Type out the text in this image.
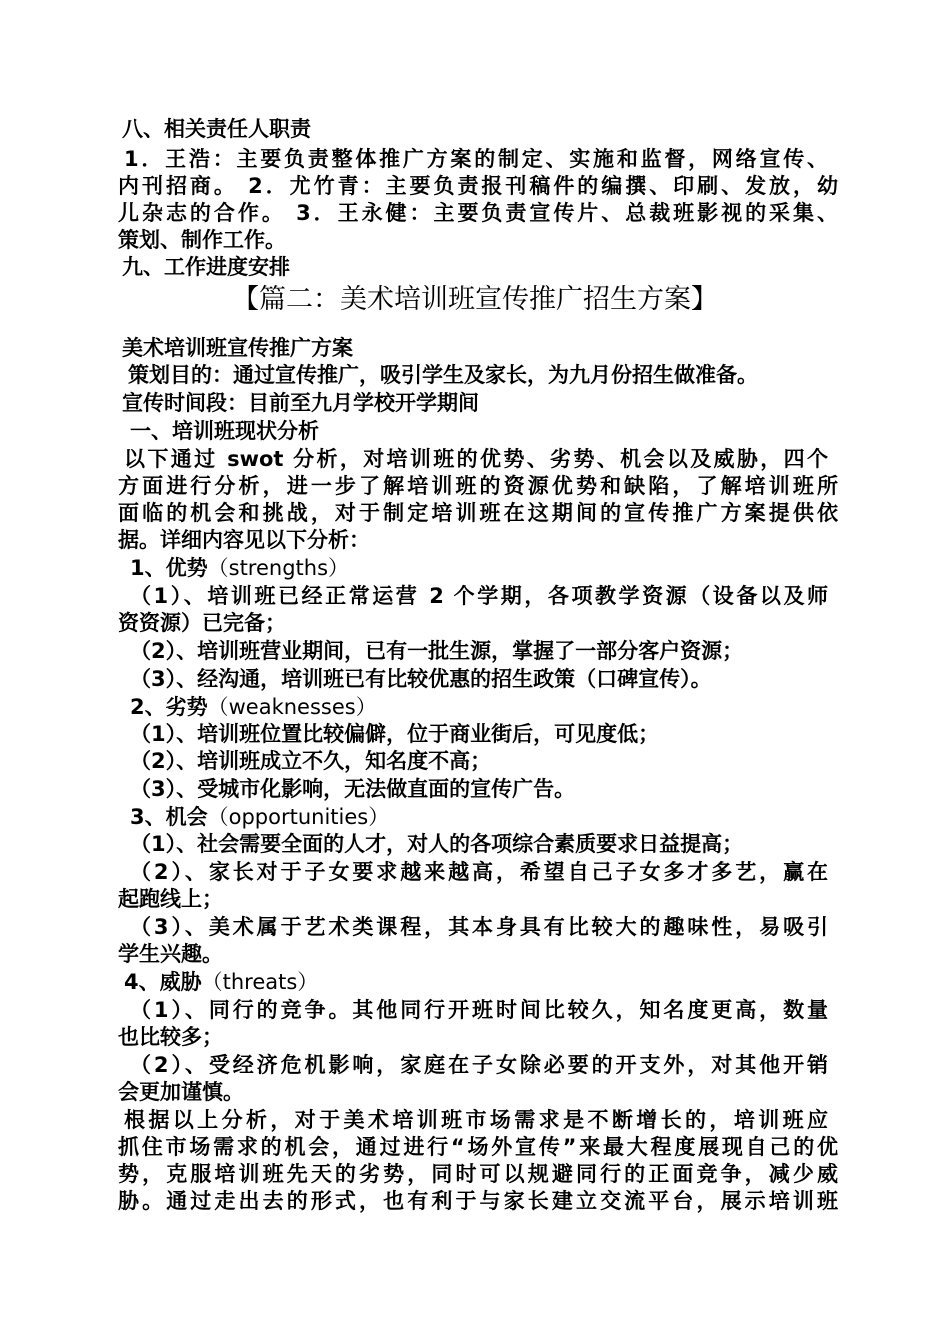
八、相关责任人职责

1．王浩：主要负责整体推广方案的制定、实施和监督，网络宣传、

内刊招商。 2．尤竹青：主要负责报刊稿件的编撰、印刷、发放，幼

儿杂志的合作。 3．王永健：主要负责宣传片、总裁班影视的采集、

策划、制作工作。

九、工作进度安排

【篇二：美术培训班宣传推广招生方案】

美术培训班宣传推广方案

策划目的：通过宣传推广，吸引学生及家长，为九月份招生做准备。

宣传时间段：目前至九月学校开学期间

一、培训班现状分析

以下通过 swot 分析，对培训班的优势、劣势、机会以及威胁，四个

方面进行分析，进一步了解培训班的资源优势和缺陷，了解培训班所

面临的机会和挑战，对于制定培训班在这期间的宣传推广方案提供依

据。详细内容见以下分析：

1、优势（strengths）

（1）、培训班已经正常运营 2 个学期，各项教学资源（设备以及师

资资源）已完备；

（2）、培训班营业期间，已有一批生源，掌握了一部分客户资源；

（3）、经沟通，培训班已有比较优惠的招生政策（口碑宣传）。

2、劣势（weaknesses）

（1）、培训班位置比较偏僻，位于商业街后，可见度低；

（2）、培训班成立不久，知名度不高；

（3）、受城市化影响，无法做直面的宣传广告。

3、机会（opportunities）

（1）、社会需要全面的人才，对人的各项综合素质要求日益提高；

（2）、家长对于子女要求越来越高，希望自己子女多才多艺，赢在

起跑线上；

（3）、美术属于艺术类课程，其本身具有比较大的趣味性，易吸引

学生兴趣。

4、威胁（threats）

（1）、同行的竞争。其他同行开班时间比较久，知名度更高，数量

也比较多；

（2）、受经济危机影响，家庭在子女除必要的开支外，对其他开销

会更加谨慎。

根据以上分析，对于美术培训班市场需求是不断增长的，培训班应

抓住市场需求的机会，通过进行“场外宣传”来最大程度展现自己的优

势，克服培训班先天的劣势，同时可以规避同行的正面竞争，减少威

胁。通过走出去的形式，也有利于与家长建立交流平台，展示培训班
